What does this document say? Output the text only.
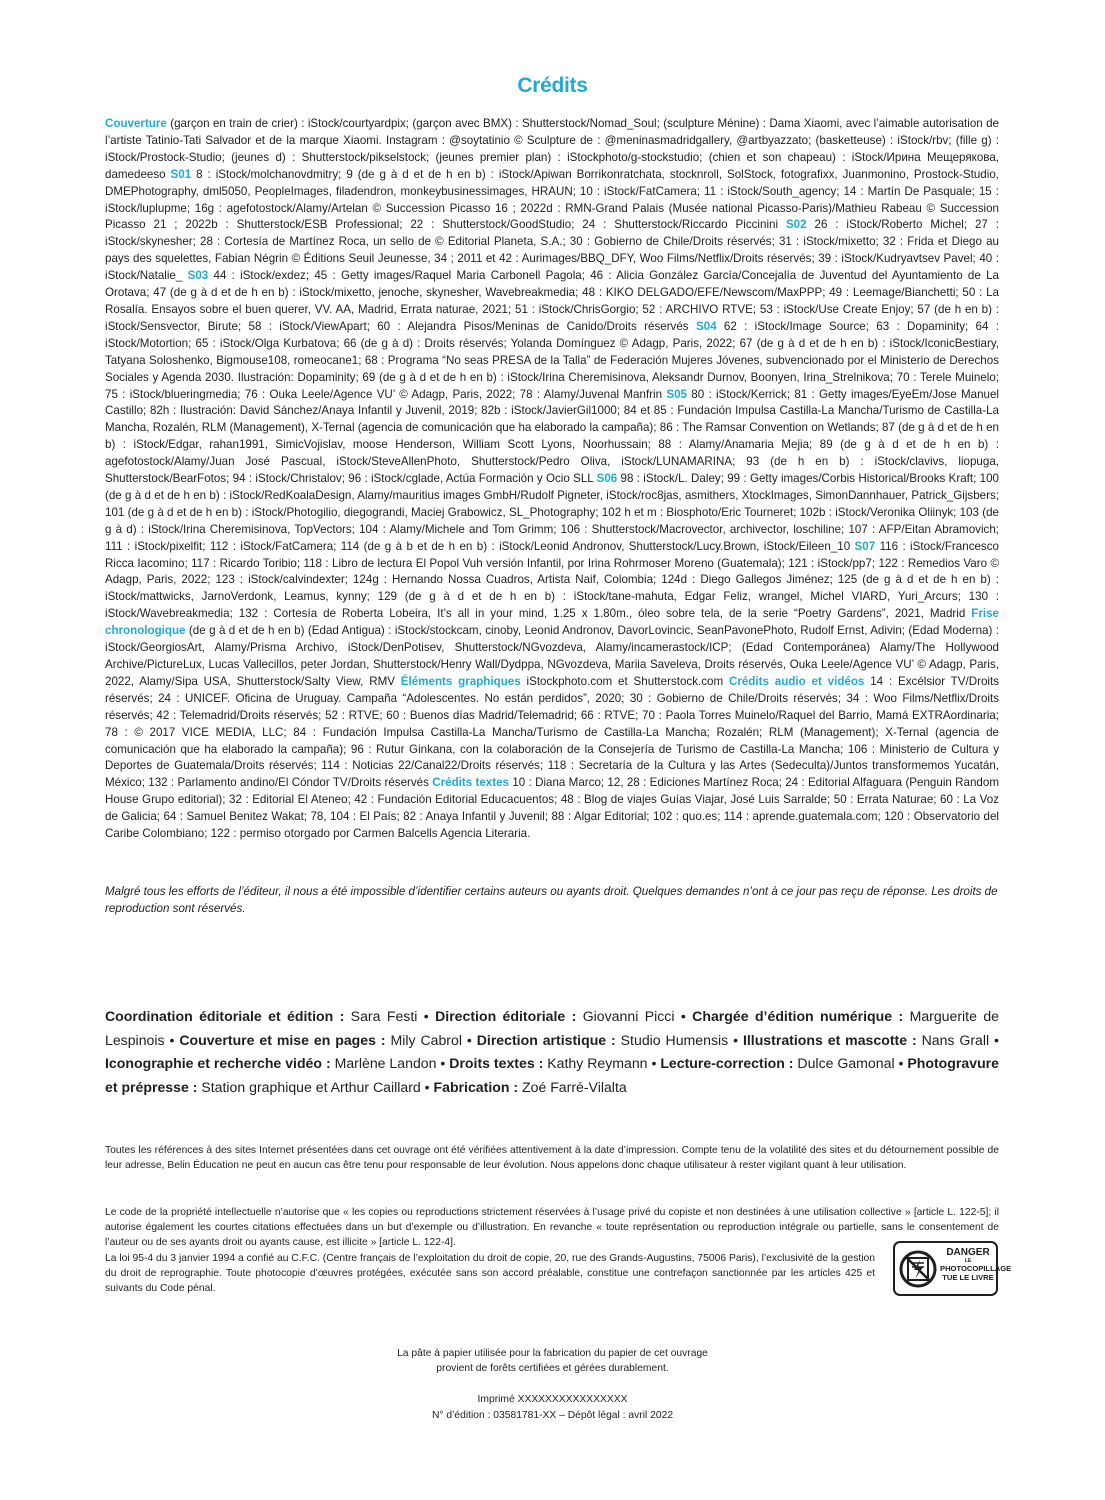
Crédits
Couverture (garçon en train de crier) : iStock/courtyardpix; (garçon avec BMX) : Shutterstock/Nomad_Soul; (sculpture Ménine) : Dama Xiaomi, avec l’aimable autorisation de l’artiste Tatinio-Tati Salvador et de la marque Xiaomi. Instagram : @soytatinio © Sculpture de : @meninasmadridgallery, @artbyazzato; (basketteuse) : iStock/rbv; (fille g) : iStock/Prostock-Studio; (jeunes d) : Shutterstock/pikselstock; (jeunes premier plan) : iStockphoto/g-stockstudio; (chien et son chapeau) : iStock/Ирина Мещерякова, damedeeso S01 8 : iStock/molchanovdmitry; 9 (de g à d et de h en b) : iStock/Apiwan Borrikonratchata, stocknroll, SolStock, fotografixx, Juanmonino, Prostock-Studio, DMEPhotography, dml5050, PeopleImages, filadendron, monkeybusinessimages, HRAUN; 10 : iStock/FatCamera; 11 : iStock/South_agency; 14 : Martín De Pasquale; 15 : iStock/luplupme; 16g : agefotostock/Alamy/Artelan © Succession Picasso 16 ; 2022d : RMN-Grand Palais (Musée national Picasso-Paris)/Mathieu Rabeau © Succession Picasso 21 ; 2022b : Shutterstock/ESB Professional; 22 : Shutterstock/GoodStudio; 24 : Shutterstock/Riccardo Piccinini S02 26 : iStock/Roberto Michel; 27 : iStock/skynesher; 28 : Cortesía de Martínez Roca, un sello de © Editorial Planeta, S.A.; 30 : Gobierno de Chile/Droits réservés; 31 : iStock/mixetto; 32 : Frida et Diego au pays des squelettes, Fabian Négrin © Éditions Seuil Jeunesse, 34 ; 2011 et 42 : Aurimages/BBQ_DFY, Woo Films/Netflix/Droits réservés; 39 : iStock/Kudryavtsev Pavel; 40 : iStock/Natalie_ S03 44 : iStock/exdez; 45 : Getty images/Raquel Maria Carbonell Pagola; 46 : Alicia González García/Concejalía de Juventud del Ayuntamiento de La Orotava; 47 (de g à d et de h en b) : iStock/mixetto, jenoche, skynesher, Wavebreakmedia; 48 : KIKO DELGADO/EFE/Newscom/MaxPPP; 49 : Leemage/Bianchetti; 50 : La Rosalía. Ensayos sobre el buen querer, VV. AA, Madrid, Errata naturae, 2021; 51 : iStock/ChrisGorgio; 52 : ARCHIVO RTVE; 53 : iStock/Use Create Enjoy; 57 (de h en b) : iStock/Sensvector, Birute; 58 : iStock/ViewApart; 60 : Alejandra Pisos/Meninas de Canido/Droits réservés S04 62 : iStock/Image Source; 63 : Dopaminity; 64 : iStock/Motortion; 65 : iStock/Olga Kurbatova; 66 (de g à d) : Droits réservés; Yolanda Domínguez © Adagp, Paris, 2022; 67 (de g à d et de h en b) : iStock/IconicBestiary, Tatyana Soloshenko, Bigmouse108, romeocane1; 68 : Programa “No seas PRESA de la Talla” de Federación Mujeres Jóvenes, subvencionado por el Ministerio de Derechos Sociales y Agenda 2030. Ilustración: Dopaminity; 69 (de g à d et de h en b) : iStock/Irina Cheremisinova, Aleksandr Durnov, Boonyen, Irina_Strelnikova; 70 : Terele Muinelo; 75 : iStock/blueringmedia; 76 : Ouka Leele/Agence VU’ © Adagp, Paris, 2022; 78 : Alamy/Juvenal Manfrin S05 80 : iStock/Kerrick; 81 : Getty images/EyeEm/Jose Manuel Castillo; 82h : Ilustración: David Sánchez/Anaya Infantil y Juvenil, 2019; 82b : iStock/JavierGil1000; 84 et 85 : Fundación Impulsa Castilla-La Mancha/Turismo de Castilla-La Mancha, Rozalén, RLM (Management), X-Ternal (agencia de comunicación que ha elaborado la campaña); 86 : The Ramsar Convention on Wetlands; 87 (de g à d et de h en b) : iStock/Edgar, rahan1991, SimicVojislav, moose Henderson, William Scott Lyons, Noorhussain; 88 : Alamy/Anamaria Mejia; 89 (de g à d et de h en b) : agefotostock/Alamy/Juan José Pascual, iStock/SteveAllenPhoto, Shutterstock/Pedro Oliva, iStock/LUNAMARINA; 93 (de h en b) : iStock/clavivs, liopuga, Shutterstock/BearFotos; 94 : iStock/Christalov; 96 : iStock/cglade, Actúa Formación y Ocio SLL S06 98 : iStock/L. Daley; 99 : Getty images/Corbis Historical/Brooks Kraft; 100 (de g à d et de h en b) : iStock/RedKoalaDesign, Alamy/mauritius images GmbH/Rudolf Pigneter, iStock/roc8jas, asmithers, XtockImages, SimonDannhauer, Patrick_Gijsbers; 101 (de g à d et de h en b) : iStock/Photogilio, diegograndi, Maciej Grabowicz, SL_Photography; 102 h et m : Biosphoto/Eric Tourneret; 102b : iStock/Veronika Oliinyk; 103 (de g à d) : iStock/Irina Cheremisinova, TopVectors; 104 : Alamy/Michele and Tom Grimm; 106 : Shutterstock/Macrovector, archivector, loschiline; 107 : AFP/Eitan Abramovich; 111 : iStock/pixelfit; 112 : iStock/FatCamera; 114 (de g à b et de h en b) : iStock/Leonid Andronov, Shutterstock/Lucy.Brown, iStock/Eileen_10 S07 116 : iStock/Francesco Ricca Iacomino; 117 : Ricardo Toribio; 118 : Libro de lectura El Popol Vuh versión Infantil, por Irina Rohrmoser Moreno (Guatemala); 121 : iStock/pp7; 122 : Remedios Varo © Adagp, Paris, 2022; 123 : iStock/calvindexter; 124g : Hernando Nossa Cuadros, Artista Naif, Colombia; 124d : Diego Gallegos Jiménez; 125 (de g à d et de h en b) : iStock/mattwicks, JarnoVerdonk, Leamus, kynny; 129 (de g à d et de h en b) : iStock/tane-mahuta, Edgar Feliz, wrangel, Michel VIARD, Yuri_Arcurs; 130 : iStock/Wavebreakmedia; 132 : Cortesía de Roberta Lobeira, It’s all in your mind, 1.25 x 1.80m., óleo sobre tela, de la serie “Poetry Gardens”, 2021, Madrid Frise chronologique (de g à d et de h en b) (Edad Antigua) : iStock/stockcam, cinoby, Leonid Andronov, DavorLovincic, SeanPavonePhoto, Rudolf Ernst, Adivin; (Edad Moderna) : iStock/GeorgiosArt, Alamy/Prisma Archivo, iStock/DenPotisev, Shutterstock/NGvozdeva, Alamy/incamerastock/ICP; (Edad Contemporánea) Alamy/The Hollywood Archive/PictureLux, Lucas Vallecillos, peter Jordan, Shutterstock/Henry Wall/Dydppa, NGvozdeva, Mariia Saveleva, Droits réservés, Ouka Leele/Agence VU’ © Adagp, Paris, 2022, Alamy/Sipa USA, Shutterstock/Salty View, RMV Éléments graphiques iStockphoto.com et Shutterstock.com Crédits audio et vidéos 14 : Excélsior TV/Droits réservés; 24 : UNICEF. Oficina de Uruguay. Campaña “Adolescentes. No están perdidos”, 2020; 30 : Gobierno de Chile/Droits réservés; 34 : Woo Films/Netflix/Droits réservés; 42 : Telemadrid/Droits réservés; 52 : RTVE; 60 : Buenos días Madrid/Telemadrid; 66 : RTVE; 70 : Paola Torres Muinelo/Raquel del Barrio, Mamá EXTRAordinaria; 78 : © 2017 VICE MEDIA, LLC; 84 : Fundación Impulsa Castilla-La Mancha/Turismo de Castilla-La Mancha; Rozalén; RLM (Management); X-Ternal (agencia de comunicación que ha elaborado la campaña); 96 : Rutur Ginkana, con la colaboración de la Consejería de Turismo de Castilla-La Mancha; 106 : Ministerio de Cultura y Deportes de Guatemala/Droits réservés; 114 : Noticias 22/Canal22/Droits réservés; 118 : Secretaría de la Cultura y las Artes (Sedeculta)/Juntos transformemos Yucatán, México; 132 : Parlamento andino/El Cóndor TV/Droits réservés Crédits textes 10 : Diana Marco; 12, 28 : Ediciones Martínez Roca; 24 : Editorial Alfaguara (Penguin Random House Grupo editorial); 32 : Editorial El Ateneo; 42 : Fundación Editorial Educacuentos; 48 : Blog de viajes Guías Viajar, José Luis Sarralde; 50 : Errata Naturae; 60 : La Voz de Galicia; 64 : Samuel Benitez Wakat; 78, 104 : El País; 82 : Anaya Infantil y Juvenil; 88 : Algar Editorial; 102 : quo.es; 114 : aprende.guatemala.com; 120 : Observatorio del Caribe Colombiano; 122 : permiso otorgado por Carmen Balcells Agencia Literaria.
Malgré tous les efforts de l’éditeur, il nous a été impossible d’identifier certains auteurs ou ayants droit. Quelques demandes n’ont à ce jour pas reçu de réponse. Les droits de reproduction sont réservés.
Coordination éditoriale et édition : Sara Festi • Direction éditoriale : Giovanni Picci • Chargée d’édition numérique : Marguerite de Lespinois • Couverture et mise en pages : Mily Cabrol • Direction artistique : Studio Humensis • Illustrations et mascotte : Nans Grall • Iconographie et recherche vidéo : Marlène Landon • Droits textes : Kathy Reymann • Lecture-correction : Dulce Gamonal • Photogravure et prépresse : Station graphique et Arthur Caillard • Fabrication : Zoé Farré-Vilalta
Toutes les références à des sites Internet présentées dans cet ouvrage ont été vérifiées attentivement à la date d’impression. Compte tenu de la volatilité des sites et du détournement possible de leur adresse, Belin Éducation ne peut en aucun cas être tenu pour responsable de leur évolution. Nous appelons donc chaque utilisateur à rester vigilant quant à leur utilisation.
Le code de la propriété intellectuelle n’autorise que « les copies ou reproductions strictement réservées à l’usage privé du copiste et non destinées à une utilisation collective » [article L. 122-5]; il autorise également les courtes citations effectuées dans un but d’exemple ou d’illustration. En revanche « toute représentation ou reproduction intégrale ou partielle, sans le consentement de l’auteur ou de ses ayants droit ou ayants cause, est illicite » [article L. 122-4].
La loi 95-4 du 3 janvier 1994 a confié au C.F.C. (Centre français de l’exploitation du droit de copie, 20, rue des Grands-Augustins, 75006 Paris), l’exclusivité de la gestion du droit de reprographie. Toute photocopie d’œuvres protégées, exécutée sans son accord préalable, constitue une contrefaçon sanctionnée par les articles 425 et suivants du Code pénal.
DANGER
LE
PHOTOCOPILLAGE
TUE LE LIVRE
La pâte à papier utilisée pour la fabrication du papier de cet ouvrage
provient de forêts certifiées et gérées durablement.
Imprimé XXXXXXXXXXXXXXXX
N° d’édition : 03581781-XX – Dépôt légal : avril 2022
